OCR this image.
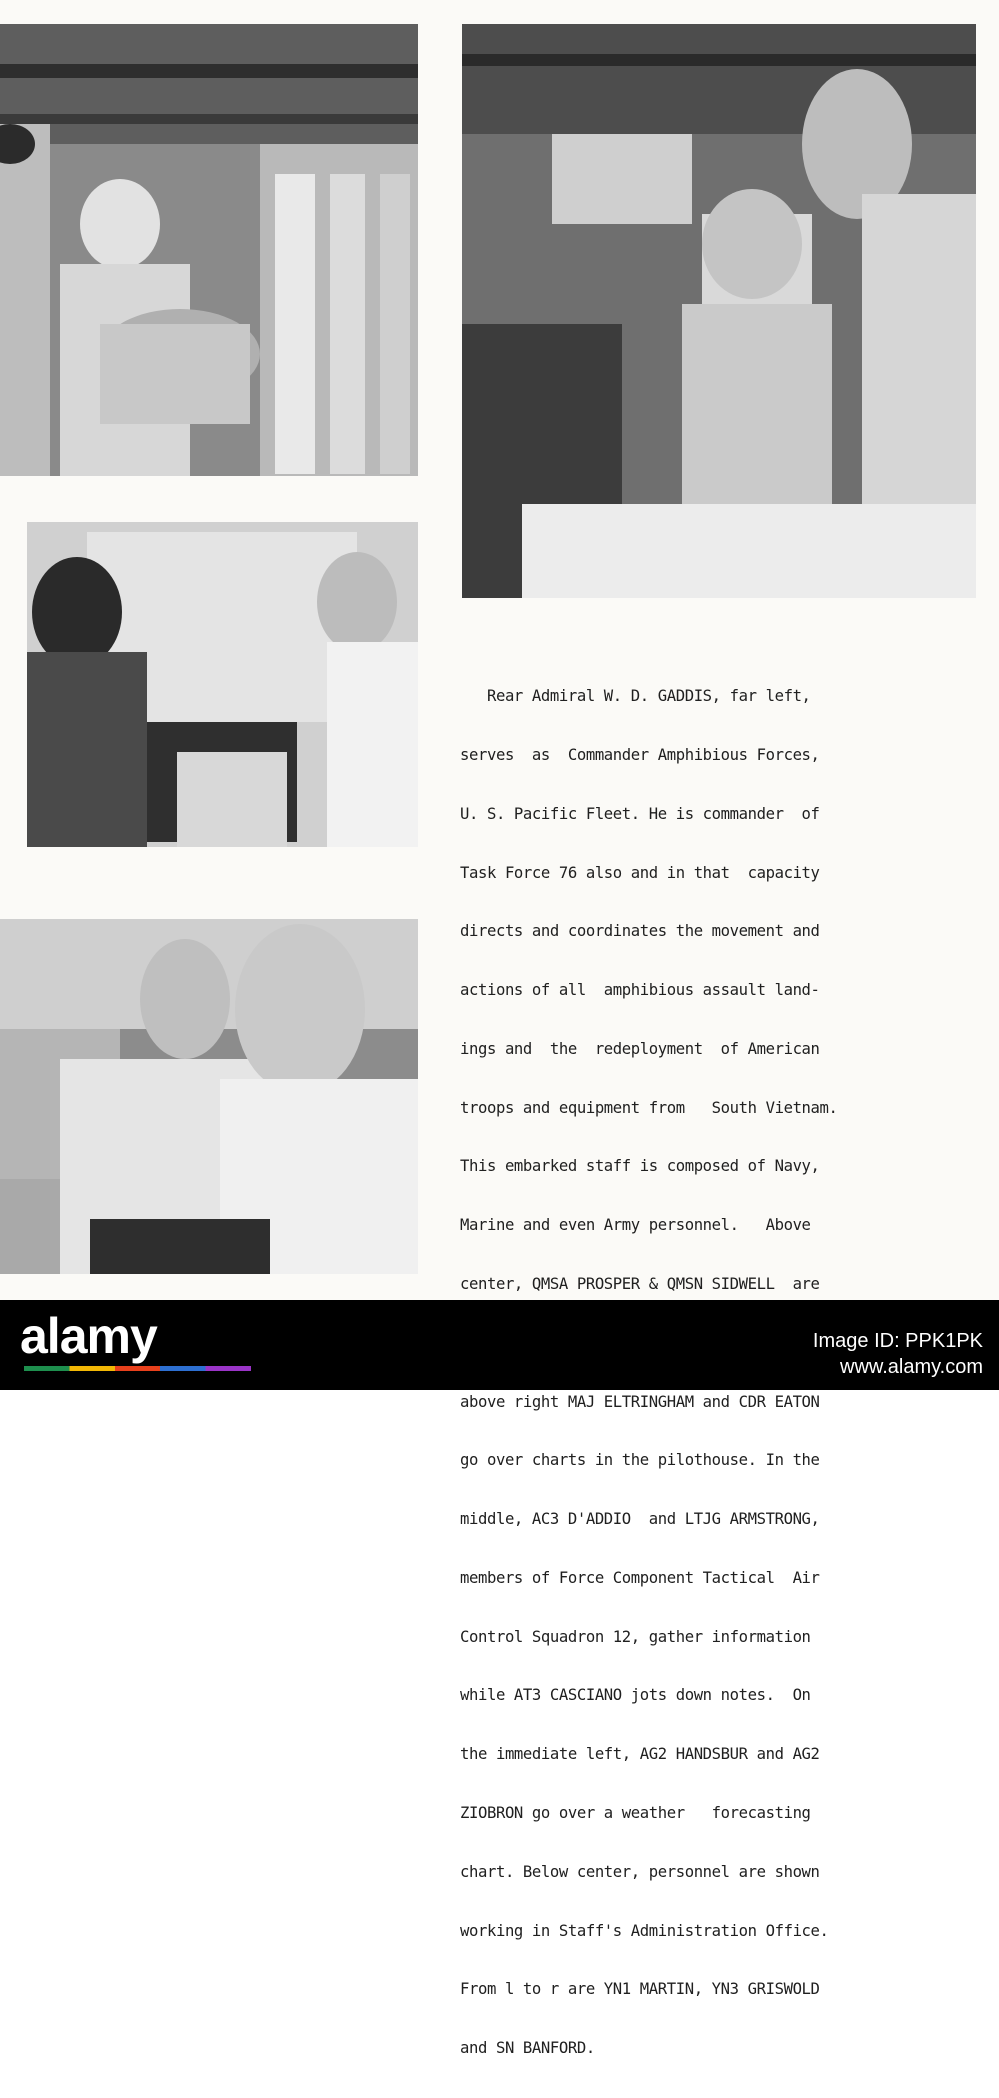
Rear Admiral W. D. GADDIS, far left,

serves  as  Commander Amphibious Forces,

U. S. Pacific Fleet. He is commander  of

Task Force 76 also and in that  capacity

directs and coordinates the movement and

actions of all  amphibious assault land-

ings and  the  redeployment  of American

troops and equipment from   South Vietnam.

This embarked staff is composed of Navy,

Marine and even Army personnel.   Above

center, QMSA PROSPER & QMSN SIDWELL  are

above right MAJ ELTRINGHAM and CDR EATON

go over charts in the pilothouse. In the

middle, AC3 D'ADDIO  and LTJG ARMSTRONG,

members of Force Component Tactical  Air

Control Squadron 12, gather information

while AT3 CASCIANO jots down notes.  On

the immediate left, AG2 HANDSBUR and AG2

ZIOBRON go over a weather   forecasting

chart. Below center, personnel are shown

working in Staff's Administration Office.

From l to r are YN1 MARTIN, YN3 GRISWOLD

and SN BANFORD.

alamy	Image ID: PPK1PK
www.alamy.com
